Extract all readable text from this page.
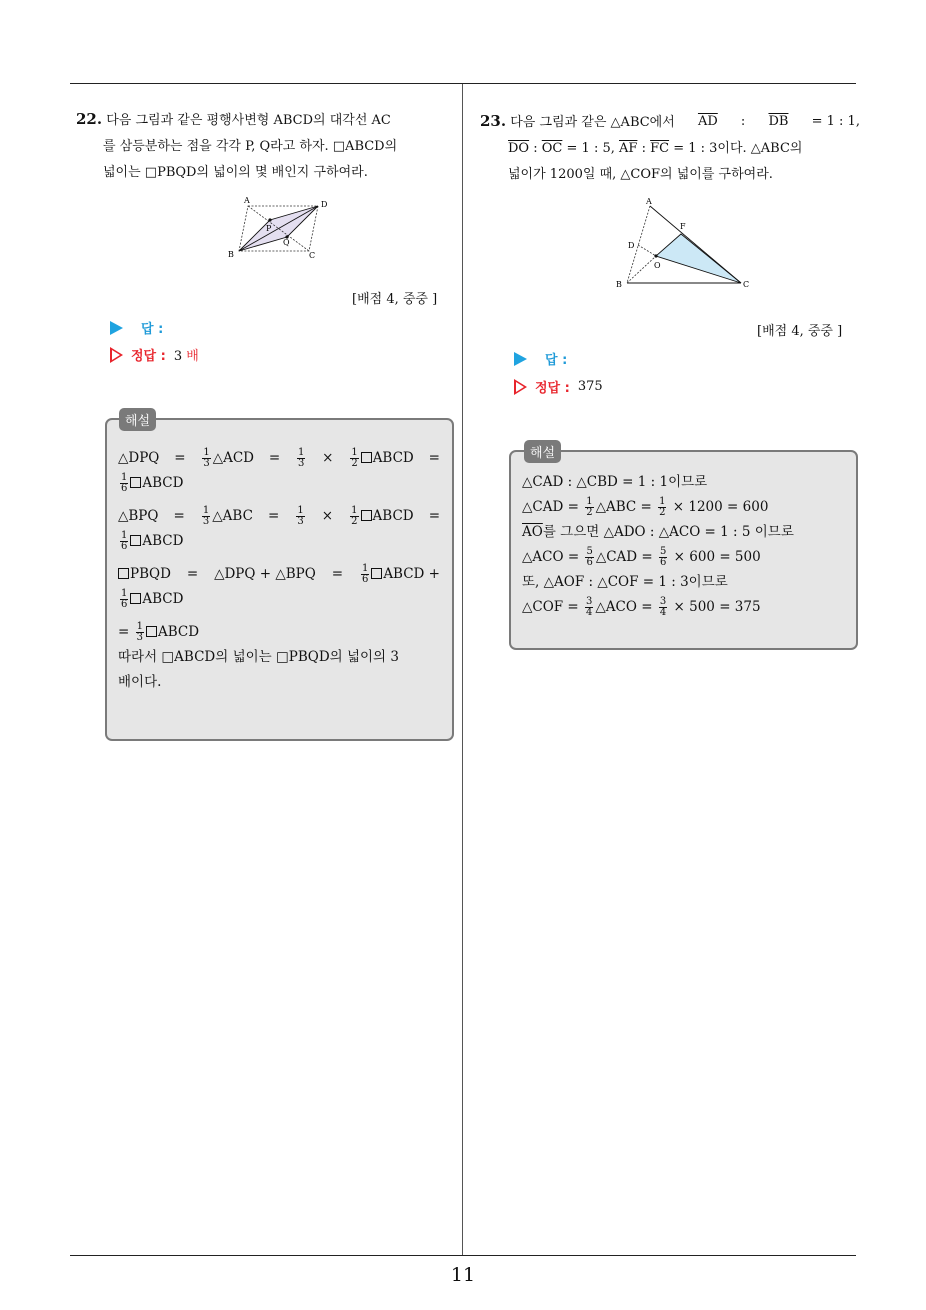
22. 다음 그림과 같은 평행사변형 ABCD의 대각선 AC
를 삼등분하는 점을 각각 P, Q라고 하자. □ABCD의
넓이는 □PBQD의 넓이의 몇 배인지 구하여라.
A	D
B	C
P
Q
[배점 4, 중중 ]
답 :
정답 : 3 배
해설
△DPQ = $\frac{1}{3}$ △ACD = $\frac{1}{3} \times \frac{1}{2}$ ABCD =
$\frac{1}{6}$ ABCD
△BPQ = $\frac{1}{3}$ △ABC = $\frac{1}{3} \times \frac{1}{2}$ ABCD =
$\frac{1}{6}$ ABCD
PBQD = △DPQ + △BPQ = $\frac{1}{6}$ ABCD +
$\frac{1}{6}$ ABCD
= $\frac{1}{3}$ ABCD
따라서 □ABCD의 넓이는 □PBQD의 넓이의 3
배이다.
23. 다음 그림과 같은 △ABC에서 $\overline{AD}$ : $\overline{DB} = 1$ : 1,
$\overline{DO}$ : $\overline{OC} = 1$ : 5, $\overline{AF}$ : $\overline{FC} = 1$ : 3이다. △ABC의
넓이가 1200일 때, △COF의 넓이를 구하여라.
A
F
D
O
B	C
[배점 4, 중중 ]
답 :
정답 : 375
해설
△CAD : △CBD = 1 : 1이므로
△CAD = $\frac{1}{2}$ △ABC = $\frac{1}{2} \times 1200 = 600$
$\overline{AO}$를 그으면 △ADO : △ACO = 1 : 5 이므로
△ACO = $\frac{5}{6}$ △CAD = $\frac{5}{6} \times 600 = 500$
또, △AOF : △COF = 1 : 3이므로
△COF = $\frac{3}{4}$ △ACO = $\frac{3}{4} \times 500 = 375$
11
